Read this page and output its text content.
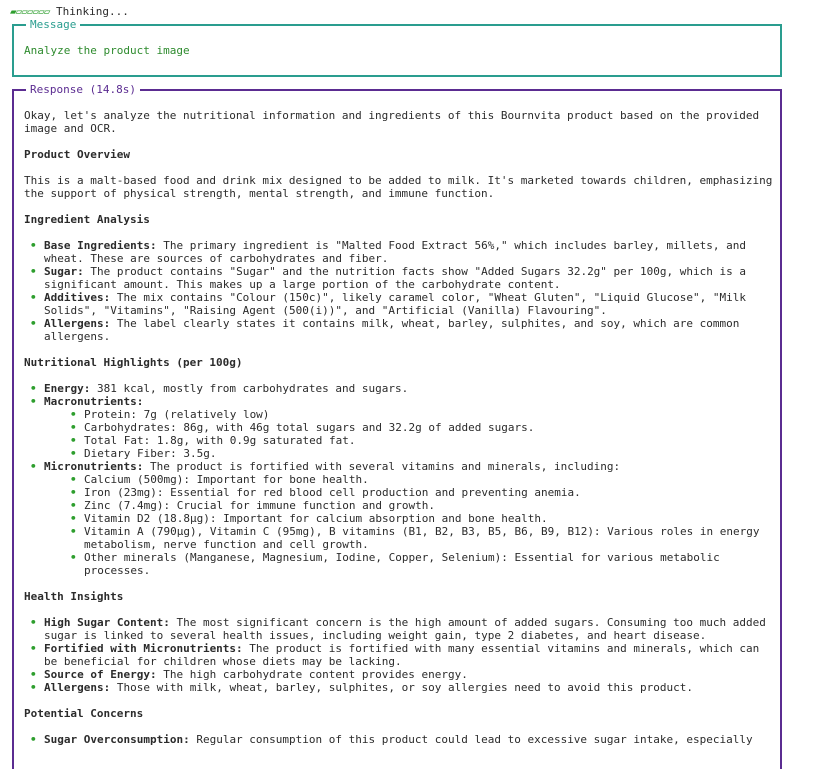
▰▱▱▱▱▱▱ Thinking...
Message
Analyze the product image
Response (14.8s)

Okay, let's analyze the nutritional information and ingredients of this Bournvita product based on the provided image and OCR.

Product Overview

This is a malt-based food and drink mix designed to be added to milk. It's marketed towards children, emphasizing the support of physical strength, mental strength, and immune function.

Ingredient Analysis
• Base Ingredients: The primary ingredient is "Malted Food Extract 56%," which includes barley, millets, and wheat. These are sources of carbohydrates and fiber.
• Sugar: The product contains "Sugar" and the nutrition facts show "Added Sugars 32.2g" per 100g, which is a significant amount. This makes up a large portion of the carbohydrate content.
• Additives: The mix contains "Colour (150c)", likely caramel color, "Wheat Gluten", "Liquid Glucose", "Milk Solids", "Vitamins", "Raising Agent (500(i))", and "Artificial (Vanilla) Flavouring".
• Allergens: The label clearly states it contains milk, wheat, barley, sulphites, and soy, which are common allergens.
Nutritional Highlights (per 100g)
• Energy: 381 kcal, mostly from carbohydrates and sugars.
• Macronutrients:
• Protein: 7g (relatively low)
• Carbohydrates: 86g, with 46g total sugars and 32.2g of added sugars.
• Total Fat: 1.8g, with 0.9g saturated fat.
• Dietary Fiber: 3.5g.
• Micronutrients: The product is fortified with several vitamins and minerals, including:
• Calcium (500mg): Important for bone health.
• Iron (23mg): Essential for red blood cell production and preventing anemia.
• Zinc (7.4mg): Crucial for immune function and growth.
• Vitamin D2 (18.8µg): Important for calcium absorption and bone health.
• Vitamin A (790µg), Vitamin C (95mg), B vitamins (B1, B2, B3, B5, B6, B9, B12): Various roles in energy metabolism, nerve function and cell growth.
• Other minerals (Manganese, Magnesium, Iodine, Copper, Selenium): Essential for various metabolic processes.
Health Insights
• High Sugar Content: The most significant concern is the high amount of added sugars. Consuming too much added sugar is linked to several health issues, including weight gain, type 2 diabetes, and heart disease.
• Fortified with Micronutrients: The product is fortified with many essential vitamins and minerals, which can be beneficial for children whose diets may be lacking.
• Source of Energy: The high carbohydrate content provides energy.
• Allergens: Those with milk, wheat, barley, sulphites, or soy allergies need to avoid this product.
Potential Concerns
• Sugar Overconsumption: Regular consumption of this product could lead to excessive sugar intake, especially
